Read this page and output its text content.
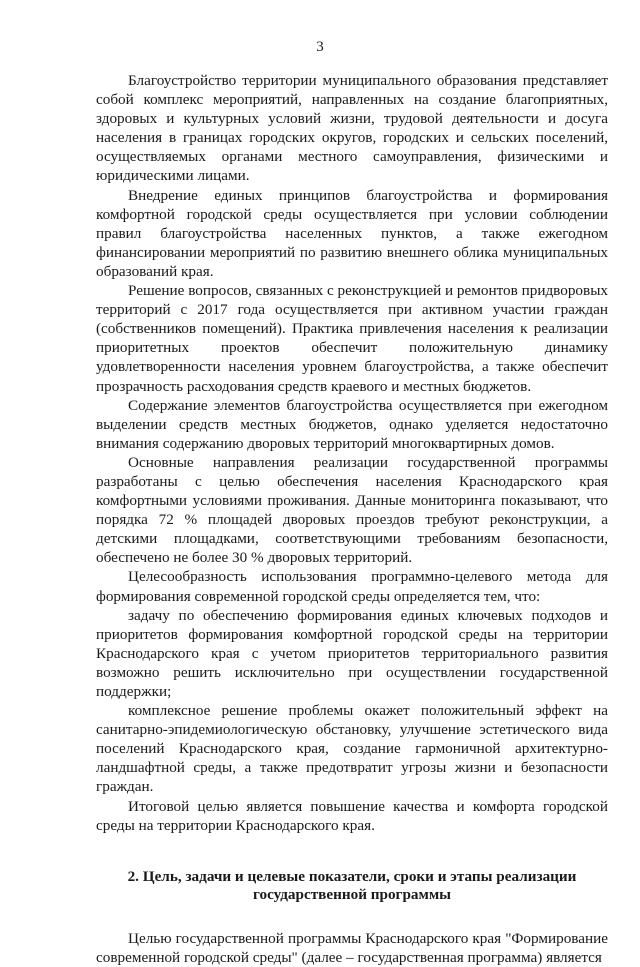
3

Благоустройство территории муниципального образования представляет собой комплекс мероприятий, направленных на создание благоприятных, здоровых и культурных условий жизни, трудовой деятельности и досуга населения в границах городских округов, городских и сельских поселений, осуществляемых органами местного самоуправления, физическими и юридическими лицами.

Внедрение единых принципов благоустройства и формирования комфортной городской среды осуществляется при условии соблюдении правил благоустройства населенных пунктов, а также ежегодном финансировании мероприятий по развитию внешнего облика муниципальных образований края.

Решение вопросов, связанных с реконструкцией и ремонтов придворовых территорий с 2017 года осуществляется при активном участии граждан (собственников помещений). Практика привлечения населения к реализации приоритетных проектов обеспечит положительную динамику удовлетворенности населения уровнем благоустройства, а также обеспечит прозрачность расходования средств краевого и местных бюджетов.

Содержание элементов благоустройства осуществляется при ежегодном выделении средств местных бюджетов, однако уделяется недостаточно внимания содержанию дворовых территорий многоквартирных домов.

Основные направления реализации государственной программы разработаны с целью обеспечения населения Краснодарского края комфортными условиями проживания. Данные мониторинга показывают, что порядка 72 % площадей дворовых проездов требуют реконструкции, а детскими площадками, соответствующими требованиям безопасности, обеспечено не более 30 % дворовых территорий.

Целесообразность использования программно-целевого метода для формирования современной городской среды определяется тем, что:

задачу по обеспечению формирования единых ключевых подходов и приоритетов формирования комфортной городской среды на территории Краснодарского края с учетом приоритетов территориального развития возможно решить исключительно при осуществлении государственной поддержки;

комплексное решение проблемы окажет положительный эффект на санитарно-эпидемиологическую обстановку, улучшение эстетического вида поселений Краснодарского края, создание гармоничной архитектурно-ландшафтной среды, а также предотвратит угрозы жизни и безопасности граждан.

Итоговой целью является повышение качества и комфорта городской среды на территории Краснодарского края.

2. Цель, задачи и целевые показатели, сроки и этапы реализации государственной программы

Целью государственной программы Краснодарского края "Формирование современной городской среды" (далее – государственная программа) является
